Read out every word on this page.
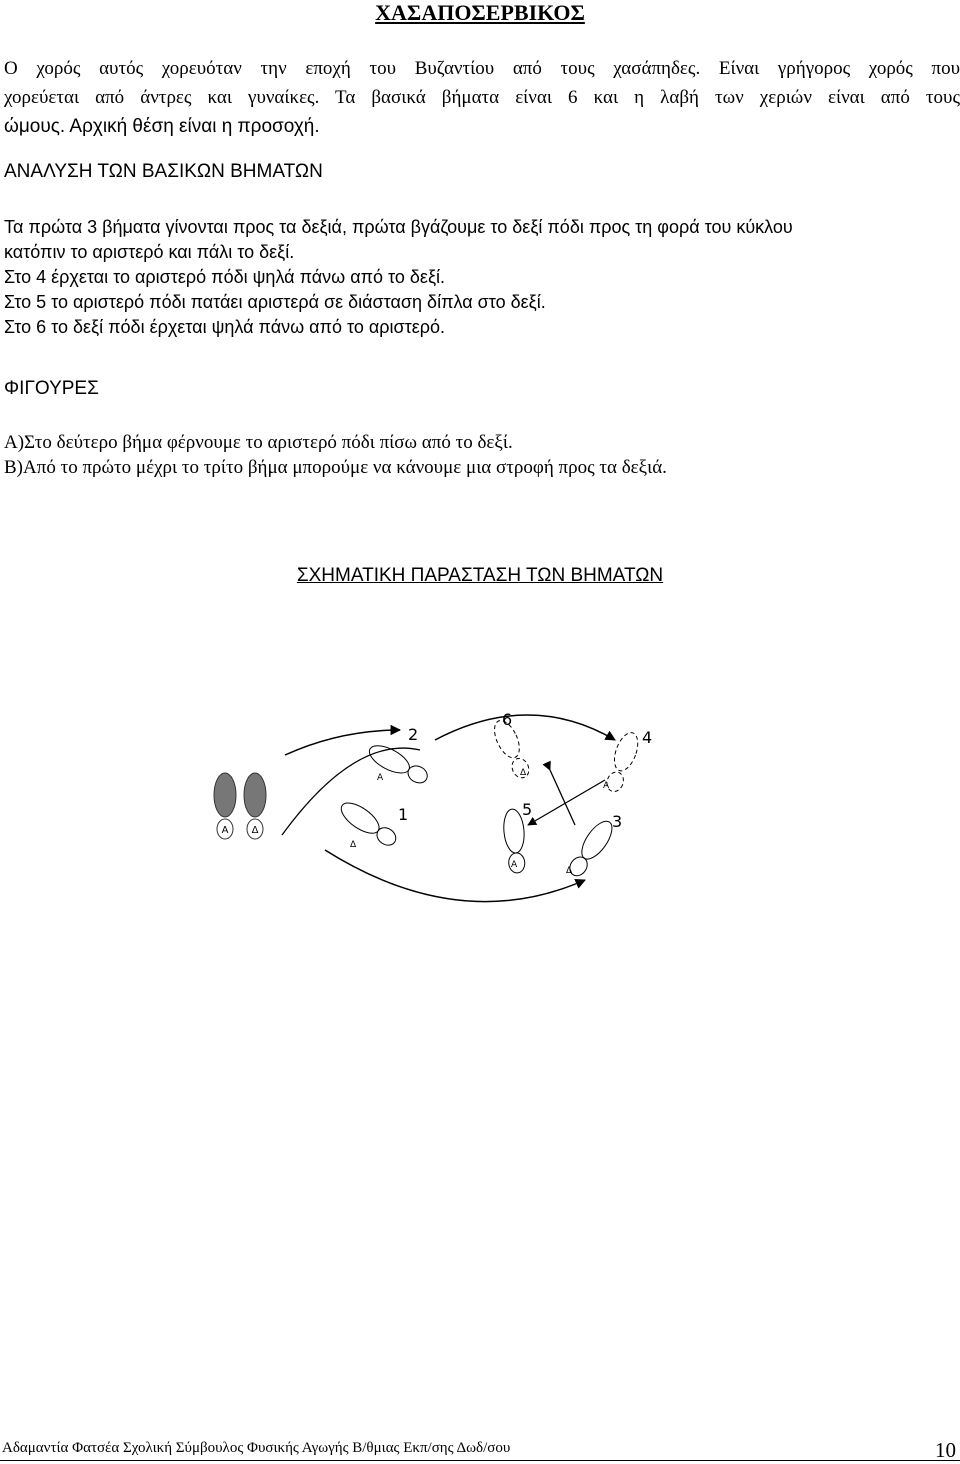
ΧΑΣΑΠΟΣΕΡΒΙΚΟΣ
Ο χορός αυτός χορευόταν την εποχή του Βυζαντίου από τους χασάπηδες. Είναι γρήγορος χορός που
χορεύεται από άντρες και γυναίκες. Τα βασικά βήματα είναι 6 και η λαβή των χεριών είναι από τους
ώμους. Αρχική θέση είναι η προσοχή.
ΑΝΑΛΥΣΗ ΤΩΝ ΒΑΣΙΚΩΝ ΒΗΜΑΤΩΝ
Τα πρώτα 3 βήματα γίνονται προς τα δεξιά, πρώτα βγάζουμε το δεξί πόδι προς τη φορά του κύκλου
κατόπιν το αριστερό και πάλι το δεξί.
Στο 4 έρχεται το αριστερό πόδι ψηλά πάνω από το δεξί.
Στο 5 το αριστερό πόδι πατάει αριστερά σε διάσταση δίπλα στο δεξί.
Στο 6 το δεξί πόδι έρχεται ψηλά πάνω από το αριστερό.
ΦΙΓΟΥΡΕΣ
Α)Στο δεύτερο βήμα φέρνουμε το αριστερό πόδι πίσω από το δεξί.
Β)Από το πρώτο μέχρι το τρίτο βήμα μπορούμε να κάνουμε μια στροφή προς τα δεξιά.
ΣΧΗΜΑΤΙΚΗ ΠΑΡΑΣΤΑΣΗ ΤΩΝ ΒΗΜΑΤΩΝ
Α Δ
Δ
1
Α
2
Δ
6
Α
4
Α
5
Δ
3
Αδαμαντία Φατσέα Σχολική Σύμβουλος Φυσικής Αγωγής Β/θμιας Εκπ/σης Δωδ/σου	10
